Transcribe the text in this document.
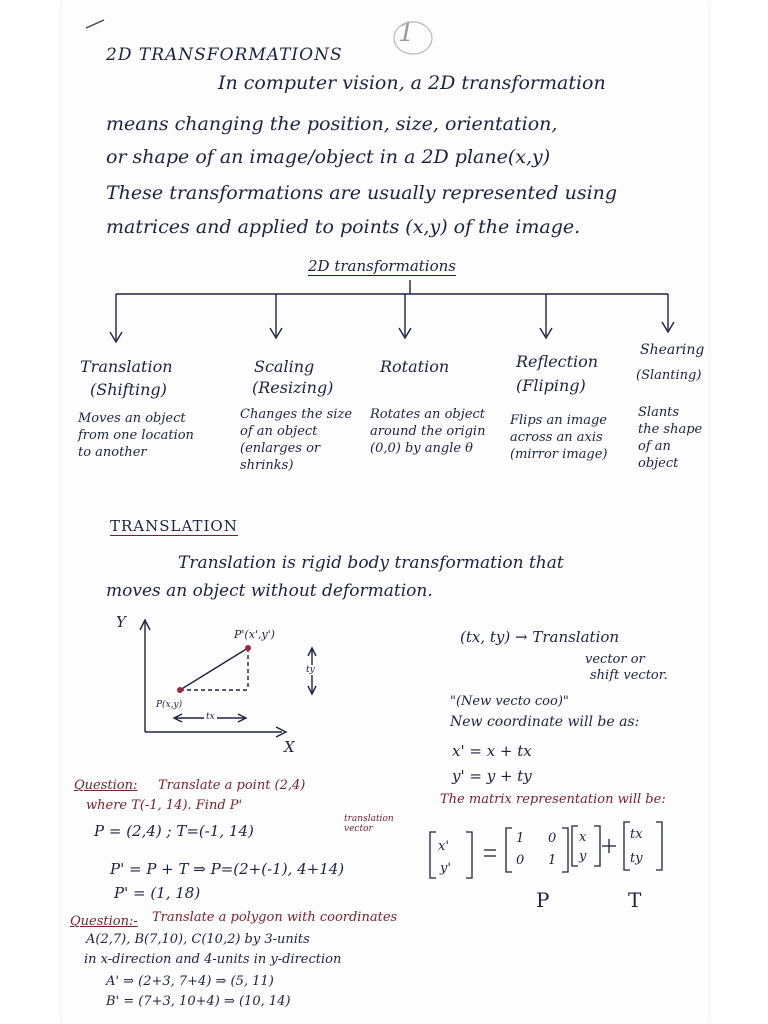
1
2D TRANSFORMATIONS
In computer vision, a 2D transformation
means changing the position, size, orientation,
or shape of an image/object in a 2D plane(x,y)
These transformations are usually represented using
matrices and applied to points (x,y) of the image.
2D transformations
Translation
(Shifting)
Moves an object from one location to another
Scaling
(Resizing)
Changes the size of an object (enlarges or shrinks)
Rotation
Rotates an object around the origin (0,0) by angle θ
Reflection
(Fliping)
Flips an image across an axis (mirror image)
Shearing
(Slanting)
Slants the shape of an object
TRANSLATION
Translation is rigid body transformation that
moves an object without deformation.
Y
X
P(x,y)
P'(x',y')
tx
ty
(tx, ty) → Translation
vector or
shift vector.
"(New vecto coo)"
New coordinate will be as:
x' = x + tx
y' = y + ty
The matrix representation will be:
x'
y'
1 0
0 1
x
y
tx
ty
P	T
Question: Translate a point (2,4)
where T(-1, 14). Find P'
P = (2,4) ; T=(-1, 14)
translation vector
P' = P + T ⇒ P=(2+(-1), 4+14)
P' = (1, 18)
Question:- Translate a polygon with coordinates
A(2,7), B(7,10), C(10,2) by 3-units
in x-direction and 4-units in y-direction
A' ⇒ (2+3, 7+4) ⇒ (5, 11)
B' = (7+3, 10+4) ⇒ (10, 14)
